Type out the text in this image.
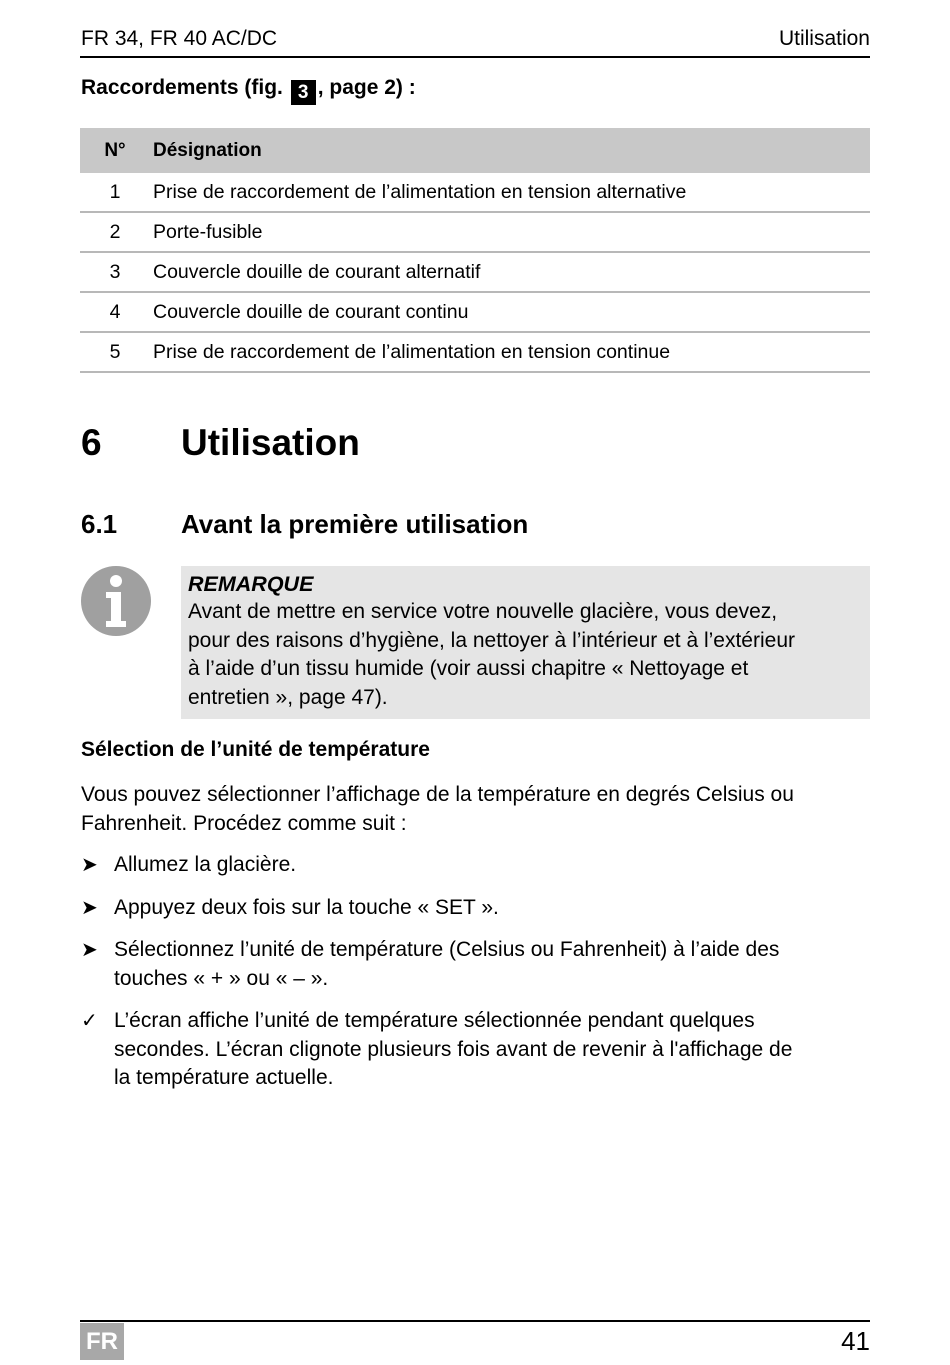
FR 34, FR 40 AC/DC	Utilisation
Raccordements (fig. 3 , page 2) :
N°	Désignation
1	Prise de raccordement de l’alimentation en tension alternative
2	Porte-fusible
3	Couvercle douille de courant alternatif
4	Couvercle douille de courant continu
5	Prise de raccordement de l’alimentation en tension continue
6 Utilisation
6.1 Avant la première utilisation
REMARQUE
Avant de mettre en service votre nouvelle glacière, vous devez,
pour des raisons d’hygiène, la nettoyer à l’intérieur et à l’extérieur
à l’aide d’un tissu humide (voir aussi chapitre « Nettoyage et
entretien », page 47).
Sélection de l’unité de température
Vous pouvez sélectionner l’affichage de la température en degrés Celsius ou
Fahrenheit. Procédez comme suit :
➤ Allumez la glacière.
➤ Appuyez deux fois sur la touche « SET ».
➤ Sélectionnez l’unité de température (Celsius ou Fahrenheit) à l’aide des
touches « + » ou « – ».
✓ L’écran affiche l’unité de température sélectionnée pendant quelques
secondes. L’écran clignote plusieurs fois avant de revenir à l'affichage de
la température actuelle.
FR	41
